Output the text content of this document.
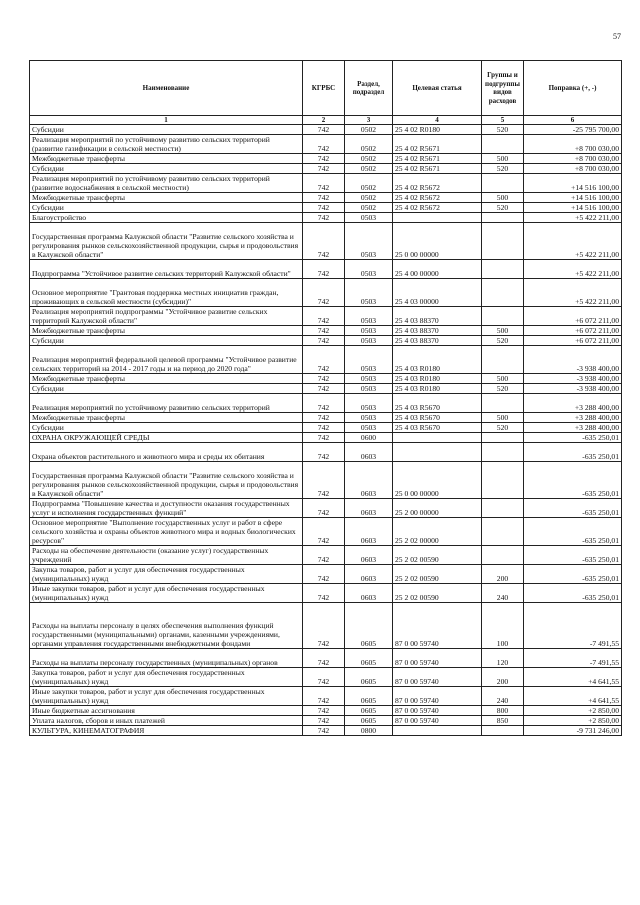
57
Наименование	КГРБС	Раздел, подраздел	Целевая статья	Группы и подгруппы видов расходов	Поправка (+, -)
1	2	3	4	5	6
Субсидии	742	0502	25 4 02 R0180	520	-25 795 700,00
Реализация мероприятий по устойчивому развитию сельских территорий (развитие газификации в сельской местности)	742	0502	25 4 02 R5671		+8 700 030,00
Межбюджетные трансферты	742	0502	25 4 02 R5671	500	+8 700 030,00
Субсидии	742	0502	25 4 02 R5671	520	+8 700 030,00
Реализация мероприятий по устойчивому развитию сельских территорий (развитие водоснабжения в сельской местности)	742	0502	25 4 02 R5672		+14 516 100,00
Межбюджетные трансферты	742	0502	25 4 02 R5672	500	+14 516 100,00
Субсидии	742	0502	25 4 02 R5672	520	+14 516 100,00
Благоустройство	742	0503			+5 422 211,00
Государственная программа Калужской области "Развитие сельского хозяйства и регулирования рынков сельскохозяйственной продукции, сырья и продовольствия в Калужской области"	742	0503	25 0 00 00000		+5 422 211,00
Подпрограмма "Устойчивое развитие сельских территорий Калужской области"	742	0503	25 4 00 00000		+5 422 211,00
Основное мероприятие "Грантовая поддержка местных инициатив граждан, проживающих в сельской местности (субсидии)"	742	0503	25 4 03 00000		+5 422 211,00
Реализация мероприятий подпрограммы "Устойчивое развитие сельских территорий Калужской области"	742	0503	25 4 03 88370		+6 072 211,00
Межбюджетные трансферты	742	0503	25 4 03 88370	500	+6 072 211,00
Субсидии	742	0503	25 4 03 88370	520	+6 072 211,00
Реализация мероприятий федеральной целевой программы "Устойчивое развитие сельских территорий на 2014 - 2017 годы и на период до 2020 года"	742	0503	25 4 03 R0180		-3 938 400,00
Межбюджетные трансферты	742	0503	25 4 03 R0180	500	-3 938 400,00
Субсидии	742	0503	25 4 03 R0180	520	-3 938 400,00
Реализация мероприятий по устойчивому развитию сельских территорий	742	0503	25 4 03 R5670		+3 288 400,00
Межбюджетные трансферты	742	0503	25 4 03 R5670	500	+3 288 400,00
Субсидии	742	0503	25 4 03 R5670	520	+3 288 400,00
ОХРАНА ОКРУЖАЮЩЕЙ СРЕДЫ	742	0600			-635 250,01
Охрана объектов растительного и животного мира и среды их обитания	742	0603			-635 250,01
Государственная программа Калужской области "Развитие сельского хозяйства и регулирования рынков сельскохозяйственной продукции, сырья и продовольствия в Калужской области"	742	0603	25 0 00 00000		-635 250,01
Подпрограмма "Повышение качества и доступности оказания государственных услуг и исполнения государственных функций"	742	0603	25 2 00 00000		-635 250,01
Основное мероприятие "Выполнение государственных услуг и работ в сфере сельского хозяйства и охраны объектов животного мира и водных биологических ресурсов"	742	0603	25 2 02 00000		-635 250,01
Расходы на обеспечение деятельности (оказание услуг) государственных учреждений	742	0603	25 2 02 00590		-635 250,01
Закупка товаров, работ и услуг для обеспечения государственных (муниципальных) нужд	742	0603	25 2 02 00590	200	-635 250,01
Иные закупки товаров, работ и услуг для обеспечения государственных (муниципальных) нужд	742	0603	25 2 02 00590	240	-635 250,01
Расходы на выплаты персоналу в целях обеспечения выполнения функций государственными (муниципальными) органами, казенными учреждениями, органами управления государственными внебюджетными фондами	742	0605	87 0 00 59740	100	-7 491,55
Расходы на выплаты персоналу государственных (муниципальных) органов	742	0605	87 0 00 59740	120	-7 491,55
Закупка товаров, работ и услуг для обеспечения государственных (муниципальных) нужд	742	0605	87 0 00 59740	200	+4 641,55
Иные закупки товаров, работ и услуг для обеспечения государственных (муниципальных) нужд	742	0605	87 0 00 59740	240	+4 641,55
Иные бюджетные ассигнования	742	0605	87 0 00 59740	800	+2 850,00
Уплата налогов, сборов и иных платежей	742	0605	87 0 00 59740	850	+2 850,00
КУЛЬТУРА, КИНЕМАТОГРАФИЯ	742	0800			-9 731 246,00
